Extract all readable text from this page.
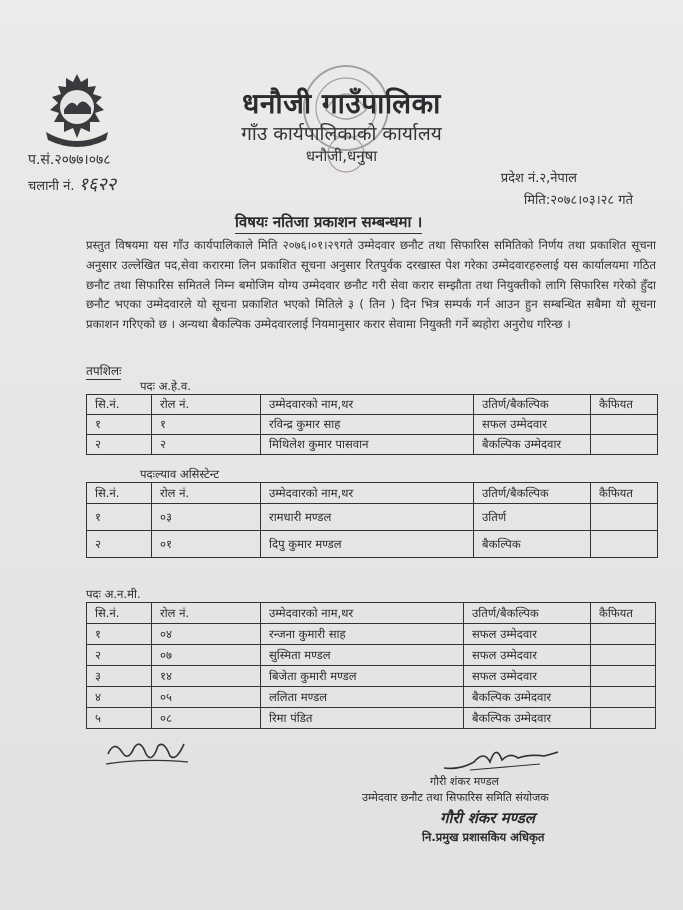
धनौजी गाउँपालिका
गाँउ कार्यपालिकाको कार्यालय
धनौजी,धनुषा
प.सं.२०७७।०७८
चलानी नं. १६२२	प्रदेश नं.२,नेपाल
मिति:२०७८।०३।२८ गते
विषयः नतिजा प्रकाशन सम्बन्धमा ।
प्रस्तुत विषयमा यस गाँउ कार्यपालिकाले मिति २०७६।०१।२९गते उम्मेदवार छनौट तथा सिफारिस समितिको निर्णय तथा प्रकाशित सूचना अनुसार उल्लेखित पद,सेवा करारमा लिन प्रकाशित सूचना अनुसार रितपुर्वक दरखास्त पेश गरेका उम्मेदवारहरुलाई यस कार्यालयमा गठित छनौट तथा सिफारिस समितले निम्न बमोजिम योग्य उम्मेदवार छनौट गरी सेवा करार सम्झौता तथा नियुक्तीको लागि सिफारिस गरेको हुँदा छनौट भएका उम्मेदवारले यो सूचना प्रकाशित भएको मितिले ३ ( तिन ) दिन भित्र सम्पर्क गर्न आउन हुन सम्बन्धित सबैमा यो सूचना प्रकाशन गरिएको छ । अन्यथा बैकल्पिक उम्मेदवारलाई नियमानुसार करार सेवामा नियुक्ती गर्ने ब्यहोरा अनुरोध गरिन्छ ।
तपशिलः
पदः अ.हे.व.
सि.नं.	रोल नं.	उम्मेदवारको नाम,थर	उतिर्ण/बैकल्पिक	कैफियत
१	१	रविन्द्र कुमार साह	सफल उम्मेदवार	
२	२	मिथिलेश कुमार पासवान	बैकल्पिक उम्मेदवार	
पदःल्याव असिस्टेन्ट
सि.नं.	रोल नं.	उम्मेदवारको नाम,थर	उतिर्ण/बैकल्पिक	कैफियत
१	०३	रामधारी मण्डल	उतिर्ण	
२	०१	दिपु कुमार मण्डल	बैकल्पिक	
पदः अ.न.मी.
सि.नं.	रोल नं.	उम्मेदवारको नाम,थर	उतिर्ण/बैकल्पिक	कैफियत
१	०४	रन्जना कुमारी साह	सफल उम्मेदवार	
२	०७	सुस्मिता मण्डल	सफल उम्मेदवार	
३	१४	बिजेता कुमारी मण्डल	सफल उम्मेदवार	
४	०५	ललिता मण्डल	बैकल्पिक उम्मेदवार	
५	०८	रिमा पंडित	बैकल्पिक उम्मेदवार	
गौरी शंकर मण्डल
उम्मेदवार छनौट तथा सिफारिस समिति संयोजक
गौरी शंकर मण्डल
नि.प्रमुख प्रशासकिय अधिकृत
